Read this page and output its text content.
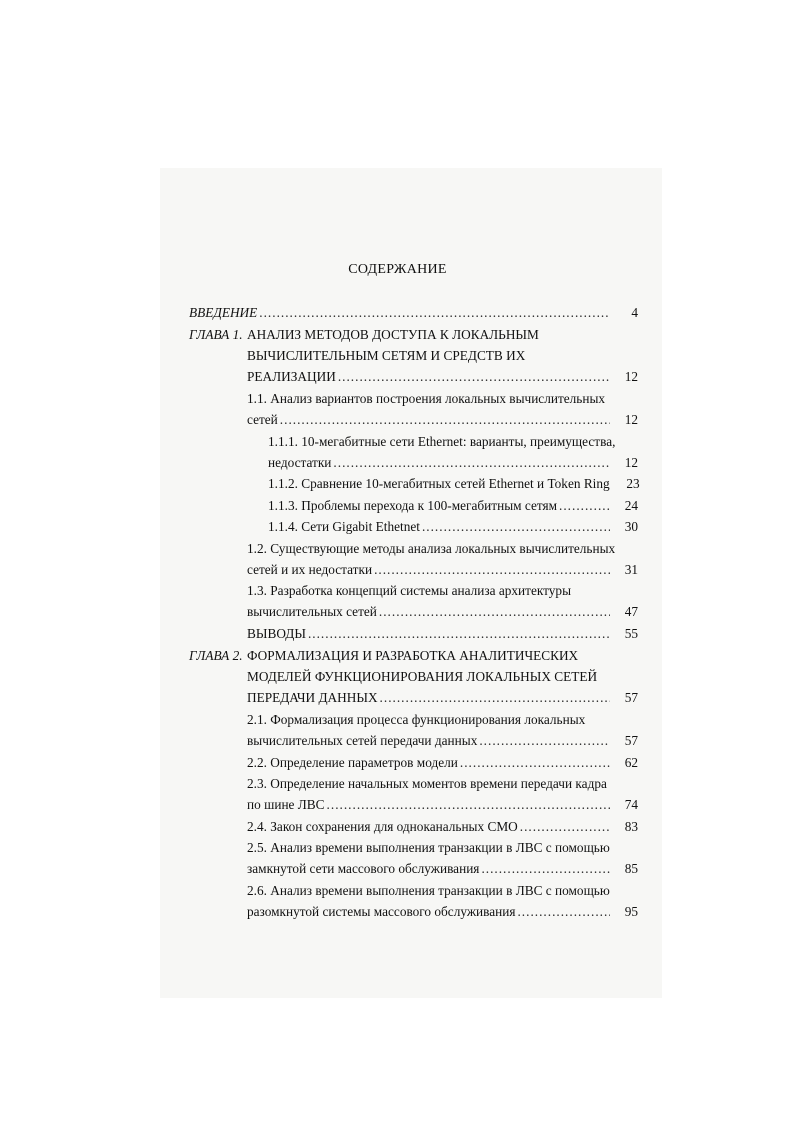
СОДЕРЖАНИЕ
ВВЕДЕНИЕ .....	4
ГЛАВА 1. АНАЛИЗ МЕТОДОВ ДОСТУПА К ЛОКАЛЬНЫМ
ВЫЧИСЛИТЕЛЬНЫМ СЕТЯМ И СРЕДСТВ ИХ
РЕАЛИЗАЦИИ .....	12
1.1. Анализ вариантов построения локальных вычислительных
сетей .....	12
1.1.1. 10-мегабитные сети Ethernet: варианты, преимущества,
недостатки .....	12
1.1.2. Сравнение 10-мегабитных сетей Ethernet и Token Ring	23
1.1.3. Проблемы перехода к 100-мегабитным сетям .....	24
1.1.4. Сети Gigabit Ethetnet .....	30
1.2. Существующие методы анализа локальных вычислительных
сетей и их недостатки .....	31
1.3. Разработка концепций системы анализа архитектуры
вычислительных сетей .....	47
ВЫВОДЫ .....	55
ГЛАВА 2. ФОРМАЛИЗАЦИЯ И РАЗРАБОТКА АНАЛИТИЧЕСКИХ
МОДЕЛЕЙ ФУНКЦИОНИРОВАНИЯ ЛОКАЛЬНЫХ СЕТЕЙ
ПЕРЕДАЧИ ДАННЫХ .....	57
2.1. Формализация процесса функционирования локальных
вычислительных сетей передачи данных .....	57
2.2. Определение параметров модели .....	62
2.3. Определение начальных моментов времени передачи кадра
по шине ЛВС .....	74
2.4. Закон сохранения для одноканальных СМО .....	83
2.5. Анализ времени выполнения транзакции в ЛВС с помощью
замкнутой сети массового обслуживания .....	85
2.6. Анализ времени выполнения транзакции в ЛВС с помощью
разомкнутой системы массового обслуживания .....	95
